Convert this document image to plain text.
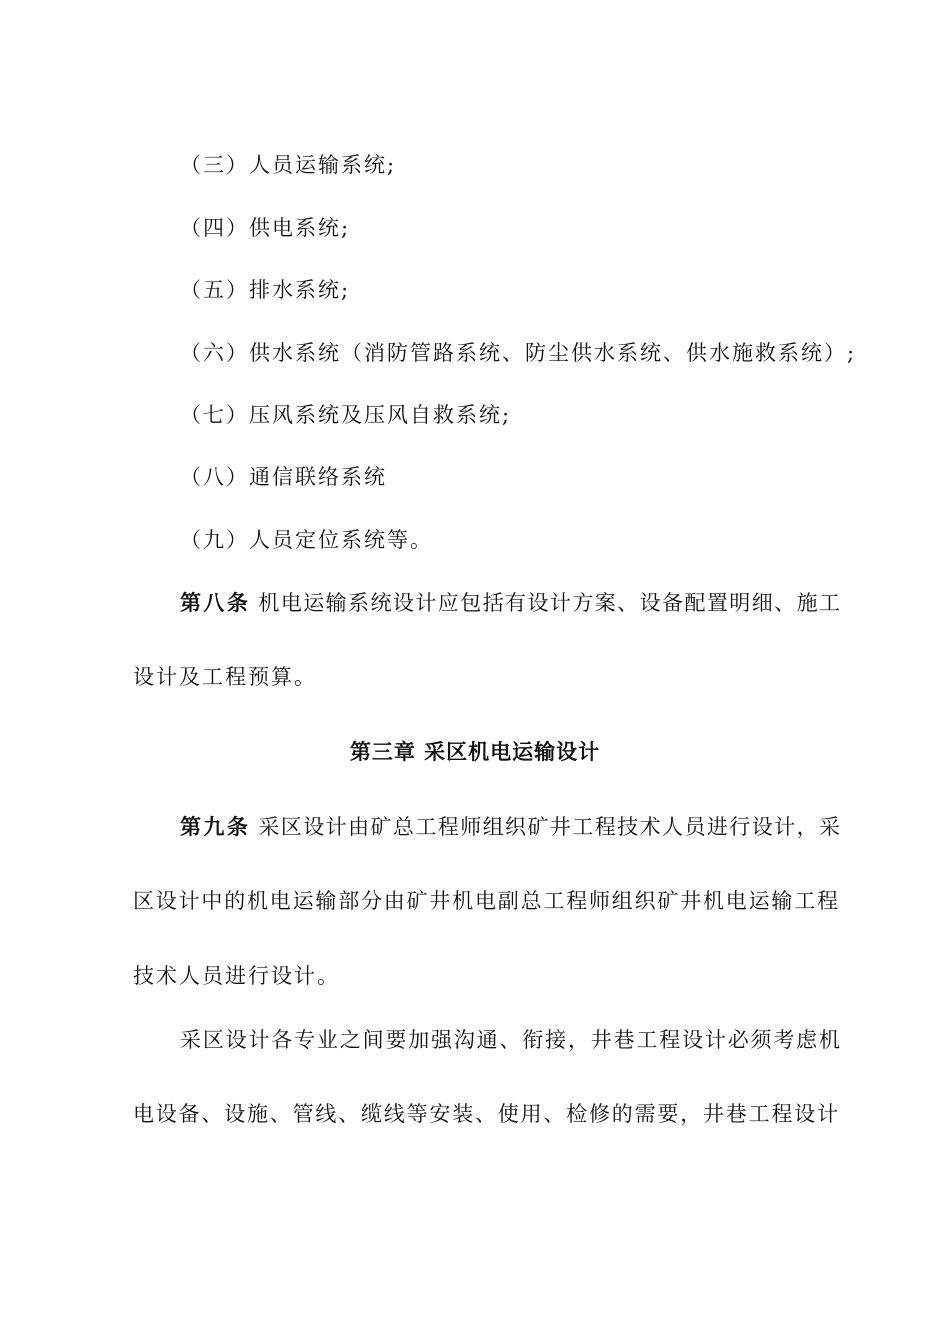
（三）人员运输系统;
（四）供电系统;
（五）排水系统;
（六）供水系统（消防管路系统、防尘供水系统、供水施救系统）;
（七）压风系统及压风自救系统;
（八）通信联络系统
（九）人员定位系统等。
第八条 机电运输系统设计应包括有设计方案、设备配置明细、施工
设计及工程预算。
第三章 采区机电运输设计
第九条 采区设计由矿总工程师组织矿井工程技术人员进行设计，采
区设计中的机电运输部分由矿井机电副总工程师组织矿井机电运输工程
技术人员进行设计。
采区设计各专业之间要加强沟通、衔接，井巷工程设计必须考虑机
电设备、设施、管线、缆线等安装、使用、检修的需要，井巷工程设计
